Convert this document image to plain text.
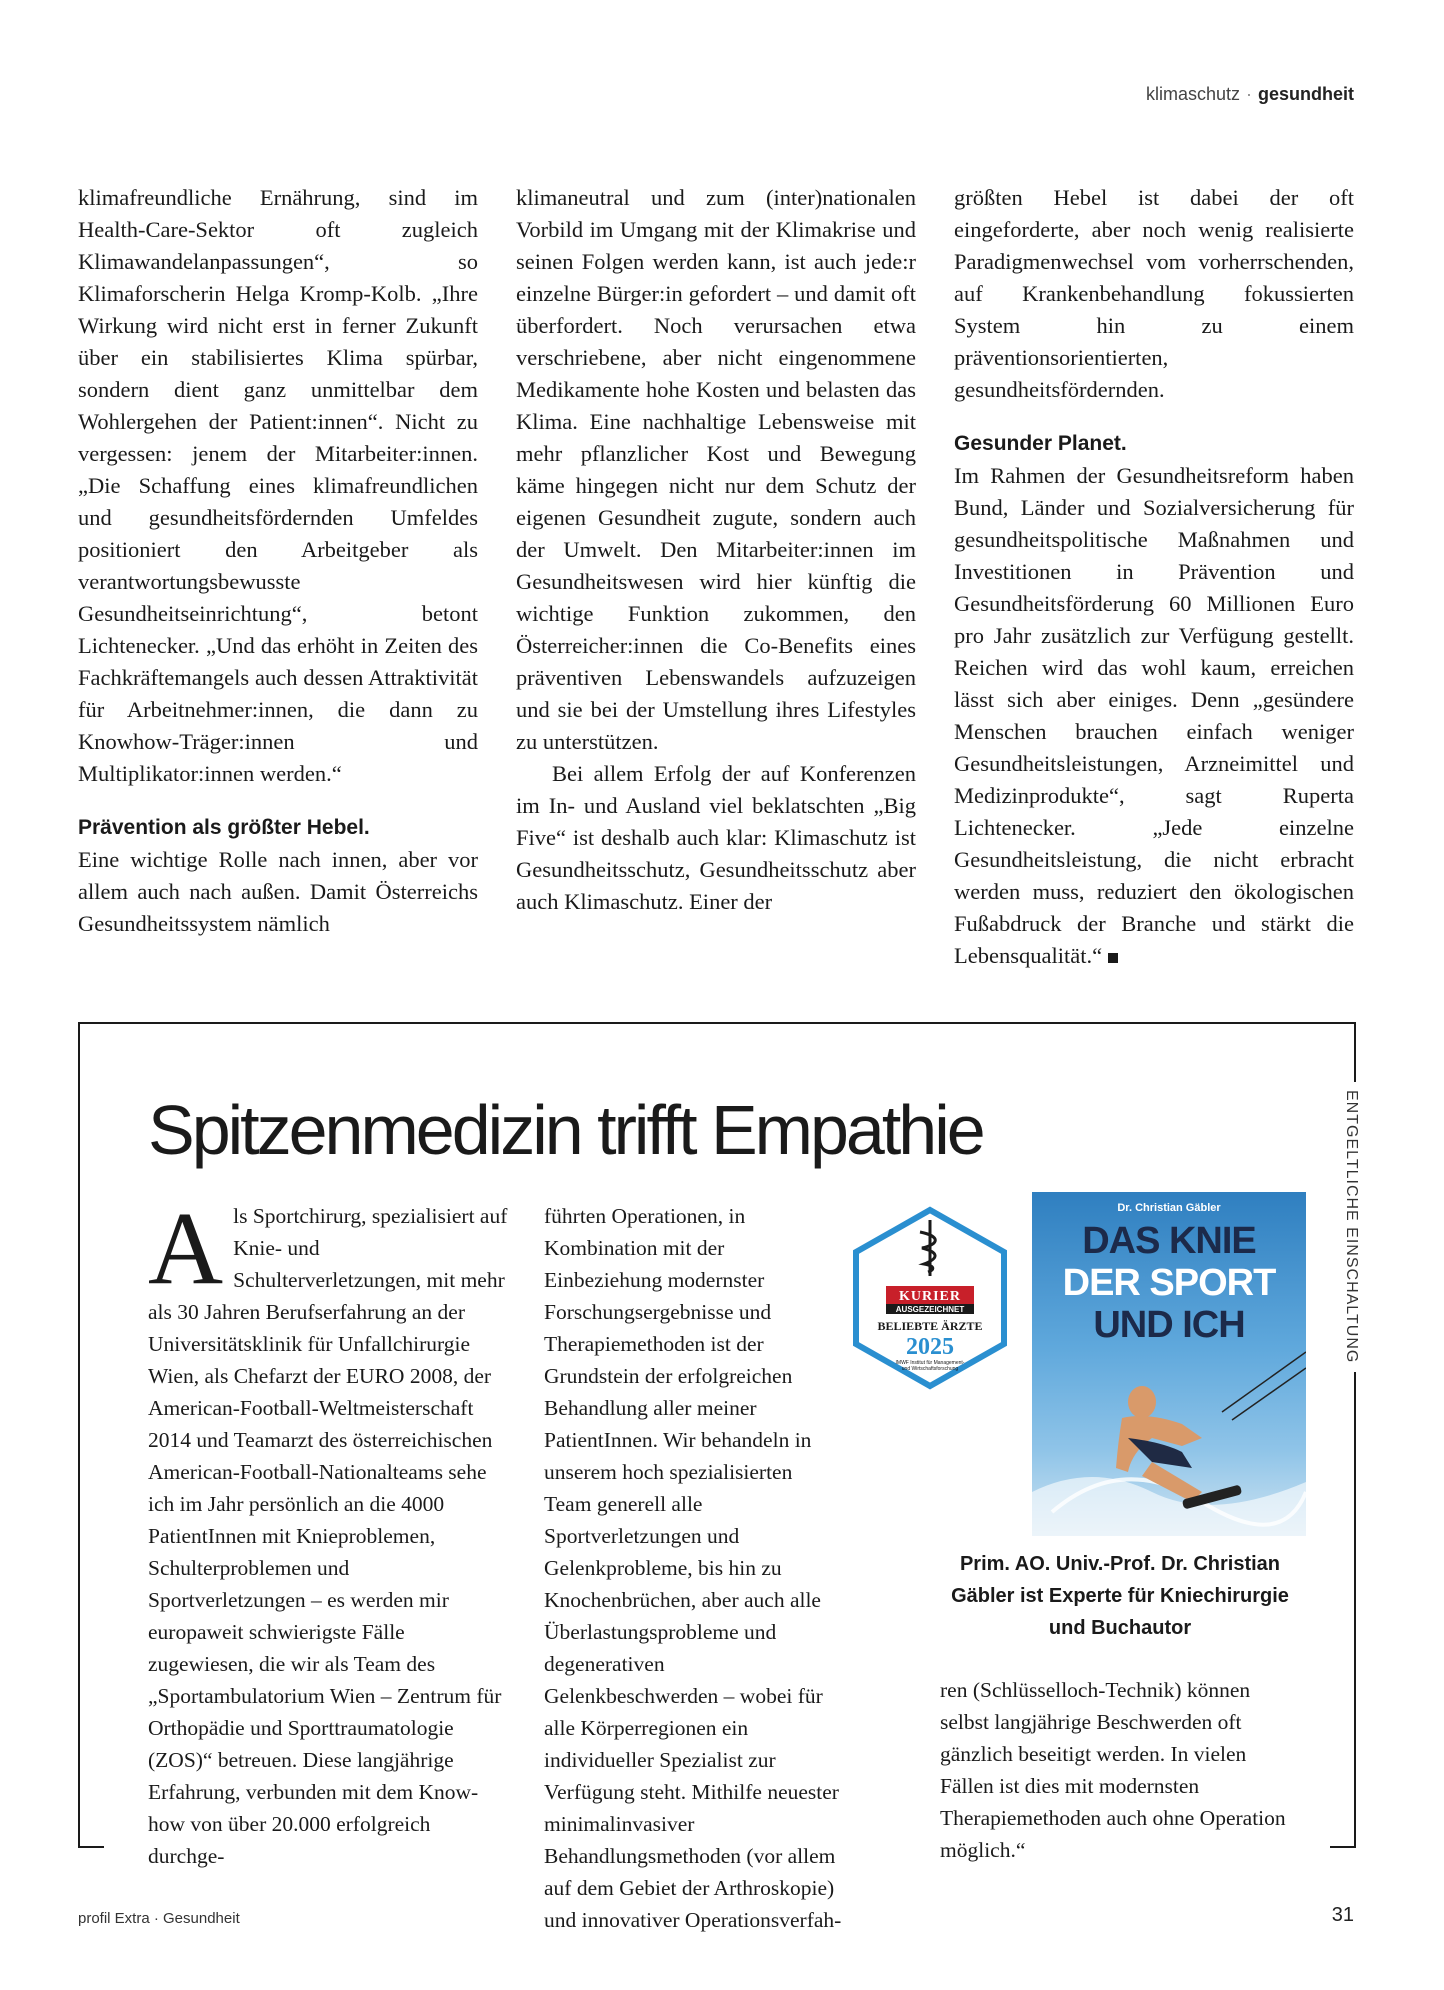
klimaschutz · gesundheit

klimafreundliche Ernährung, sind im Health-Care-Sektor oft zugleich Klimawandelanpassungen“, so Klimaforscherin Helga Kromp-Kolb. „Ihre Wirkung wird nicht erst in ferner Zukunft über ein stabilisiertes Klima spürbar, sondern dient ganz unmittelbar dem Wohlergehen der Patient:innen“. Nicht zu vergessen: jenem der Mitarbeiter:innen. „Die Schaffung eines klimafreundlichen und gesundheitsfördernden Umfeldes positioniert den Arbeitgeber als verantwortungsbewusste Gesundheitseinrichtung“, betont Lichtenecker. „Und das erhöht in Zeiten des Fachkräftemangels auch dessen Attraktivität für Arbeitnehmer:innen, die dann zu Knowhow-Träger:innen und Multiplikator:innen werden.“

Prävention als größter Hebel.

Eine wichtige Rolle nach innen, aber vor allem auch nach außen. Damit Österreichs Gesundheitssystem nämlich

klimaneutral und zum (inter)nationalen Vorbild im Umgang mit der Klimakrise und seinen Folgen werden kann, ist auch jede:r einzelne Bürger:in gefordert – und damit oft überfordert. Noch verursachen etwa verschriebene, aber nicht eingenommene Medikamente hohe Kosten und belasten das Klima. Eine nachhaltige Lebensweise mit mehr pflanzlicher Kost und Bewegung käme hingegen nicht nur dem Schutz der eigenen Gesundheit zugute, sondern auch der Umwelt. Den Mitarbeiter:innen im Gesundheitswesen wird hier künftig die wichtige Funktion zukommen, den Österreicher:innen die Co-Benefits eines präventiven Lebenswandels aufzuzeigen und sie bei der Umstellung ihres Lifestyles zu unterstützen.

Bei allem Erfolg der auf Konferenzen im In- und Ausland viel beklatschten „Big Five“ ist deshalb auch klar: Klimaschutz ist Gesundheitsschutz, Gesundheitsschutz aber auch Klimaschutz. Einer der

größten Hebel ist dabei der oft eingeforderte, aber noch wenig realisierte Paradigmenwechsel vom vorherrschenden, auf Krankenbehandlung fokussierten System hin zu einem präventionsorientierten, gesundheitsfördernden.

Gesunder Planet.

Im Rahmen der Gesundheitsreform haben Bund, Länder und Sozialversicherung für gesundheitspolitische Maßnahmen und Investitionen in Prävention und Gesundheitsförderung 60 Millionen Euro pro Jahr zusätzlich zur Verfügung gestellt. Reichen wird das wohl kaum, erreichen lässt sich aber einiges. Denn „gesündere Menschen brauchen einfach weniger Gesundheitsleistungen, Arzneimittel und Medizinprodukte“, sagt Ruperta Lichtenecker. „Jede einzelne Gesundheitsleistung, die nicht erbracht werden muss, reduziert den ökologischen Fußabdruck der Branche und stärkt die Lebensqualität.“

ENTGELTLICHE EINSCHALTUNG
Spitzenmedizin trifft Empathie

Als Sportchirurg, spezialisiert auf Knie- und Schulterverletzungen, mit mehr als 30 Jahren Berufserfahrung an der Universitätsklinik für Unfallchirurgie Wien, als Chefarzt der EURO 2008, der American-Football-Weltmeisterschaft 2014 und Teamarzt des österreichischen American-Football-Nationalteams sehe ich im Jahr persönlich an die 4000 PatientInnen mit Knieproblemen, Schulterproblemen und Sportverletzungen – es werden mir europaweit schwierigste Fälle zugewiesen, die wir als Team des „Sportambulatorium Wien – Zentrum für Orthopädie und Sporttraumatologie (ZOS)“ betreuen. Diese langjährige Erfahrung, verbunden mit dem Know-how von über 20.000 erfolgreich durchge-

führten Operationen, in Kombination mit der Einbeziehung modernster Forschungsergebnisse und Therapiemethoden ist der Grundstein der erfolgreichen Behandlung aller meiner PatientInnen. Wir behandeln in unserem hoch spezialisierten Team generell alle Sportverletzungen und Gelenkprobleme, bis hin zu Knochenbrüchen, aber auch alle Überlastungsprobleme und degenerativen Gelenkbeschwerden – wobei für alle Körperregionen ein individueller Spezialist zur Verfügung steht. Mithilfe neuester minimalinvasiver Behandlungsmethoden (vor allem auf dem Gebiet der Arthroskopie) und innovativer Operationsverfah-

KURIER
AUSGEZEICHNET
BELIEBTE ÄRZTE
2025
IMWF Institut für Management-
und Wirtschaftsforschung
Dr. Christian Gäbler
DAS KNIE
DER SPORT
UND ICH
Prim. AO. Univ.-Prof. Dr. Christian Gäbler ist Experte für Kniechirurgie und Buchautor

ren (Schlüsselloch-Technik) können selbst langjährige Beschwerden oft gänzlich beseitigt werden. In vielen Fällen ist dies mit modernsten Therapiemethoden auch ohne Operation möglich.“

profil Extra · Gesundheit	31
